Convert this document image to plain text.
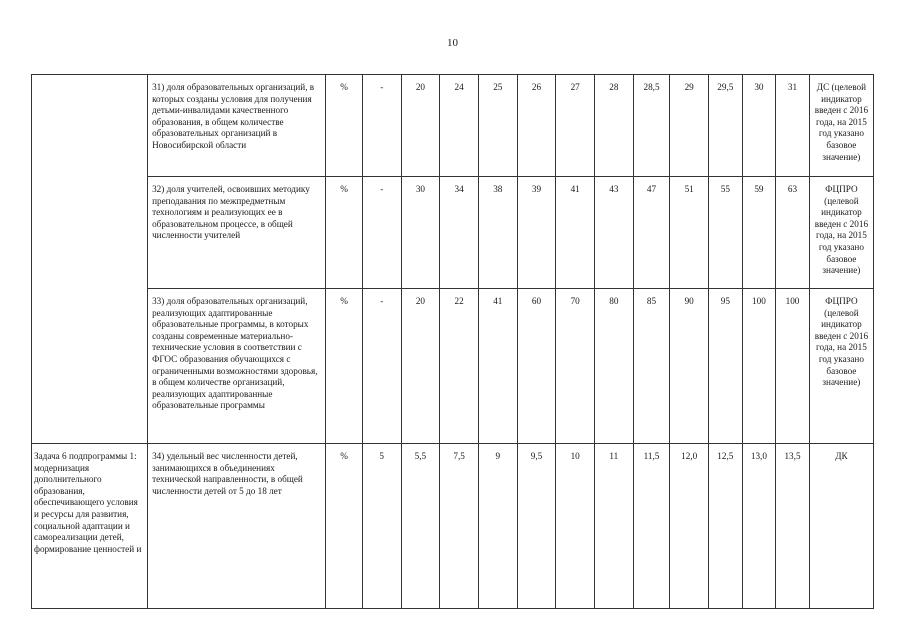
10
	31) доля образовательных организаций, в которых созданы условия для получения детьми-инвалидами качественного образования, в общем количестве образовательных организаций в Новосибирской области	%	-	20	24	25	26	27	28	28,5	29	29,5	30	31	ДС (целевой индикатор введен с 2016 года, на 2015 год указано базовое значение)
	32) доля учителей, освоивших методику преподавания по межпредметным технологиям и реализующих ее в образовательном процессе, в общей численности учителей	%	-	30	34	38	39	41	43	47	51	55	59	63	ФЦПРО (целевой индикатор введен с 2016 года, на 2015 год указано базовое значение)
	33) доля образовательных организаций, реализующих адаптированные образовательные программы, в которых созданы современные материально-технические условия в соответствии с ФГОС образования обучающихся с ограниченными возможностями здоровья, в общем количестве организаций, реализующих адаптированные образовательные программы	%	-	20	22	41	60	70	80	85	90	95	100	100	ФЦПРО (целевой индикатор введен с 2016 года, на 2015 год указано базовое значение)
Задача 6 подпрограммы 1: модернизация дополнительного образования, обеспечивающего условия и ресурсы для развития, социальной адаптации и самореализации детей, формирование ценностей и	34) удельный вес численности детей, занимающихся в объединениях технической направленности, в общей численности детей от 5 до 18 лет	%	5	5,5	7,5	9	9,5	10	11	11,5	12,0	12,5	13,0	13,5	ДК
